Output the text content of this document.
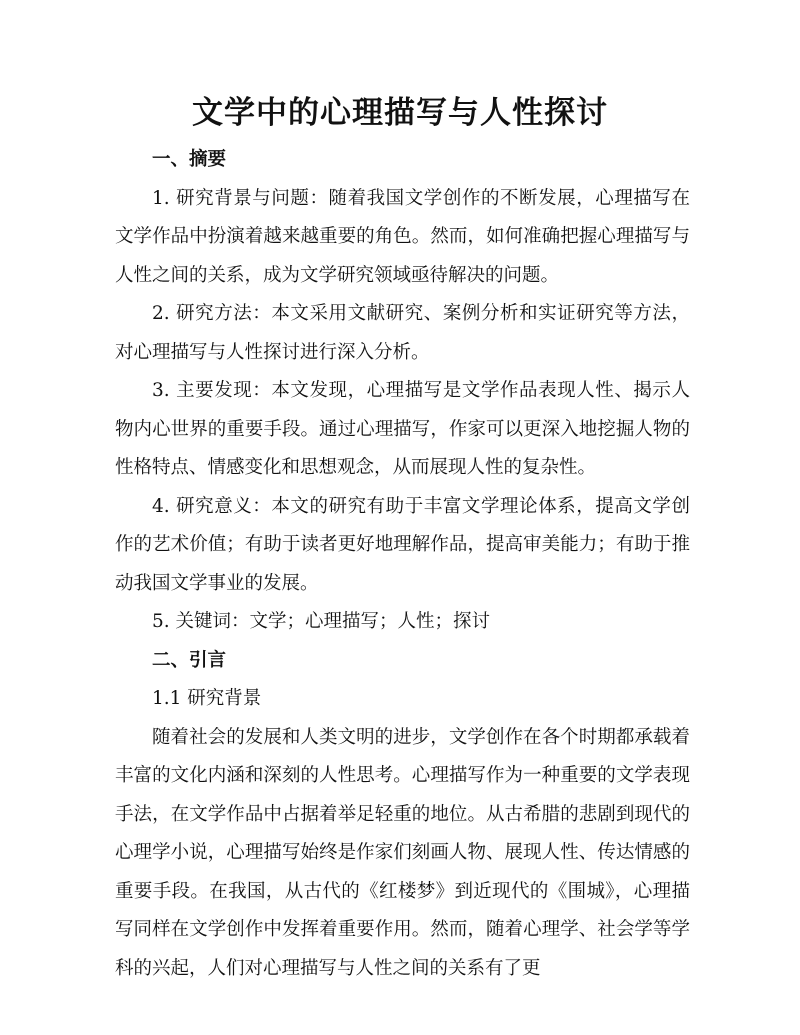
文学中的心理描写与人性探讨
一、摘要

1. 研究背景与问题：随着我国文学创作的不断发展，心理描写在文学作品中扮演着越来越重要的角色。然而，如何准确把握心理描写与人性之间的关系，成为文学研究领域亟待解决的问题。

2. 研究方法：本文采用文献研究、案例分析和实证研究等方法，对心理描写与人性探讨进行深入分析。

3. 主要发现：本文发现，心理描写是文学作品表现人性、揭示人物内心世界的重要手段。通过心理描写，作家可以更深入地挖掘人物的性格特点、情感变化和思想观念，从而展现人性的复杂性。

4. 研究意义：本文的研究有助于丰富文学理论体系，提高文学创作的艺术价值；有助于读者更好地理解作品，提高审美能力；有助于推动我国文学事业的发展。

5. 关键词：文学；心理描写；人性；探讨

二、引言

1.1 研究背景

随着社会的发展和人类文明的进步，文学创作在各个时期都承载着丰富的文化内涵和深刻的人性思考。心理描写作为一种重要的文学表现手法，在文学作品中占据着举足轻重的地位。从古希腊的悲剧到现代的心理学小说，心理描写始终是作家们刻画人物、展现人性、传达情感的重要手段。在我国，从古代的《红楼梦》到近现代的《围城》，心理描写同样在文学创作中发挥着重要作用。然而，随着心理学、社会学等学科的兴起，人们对心理描写与人性之间的关系有了更
